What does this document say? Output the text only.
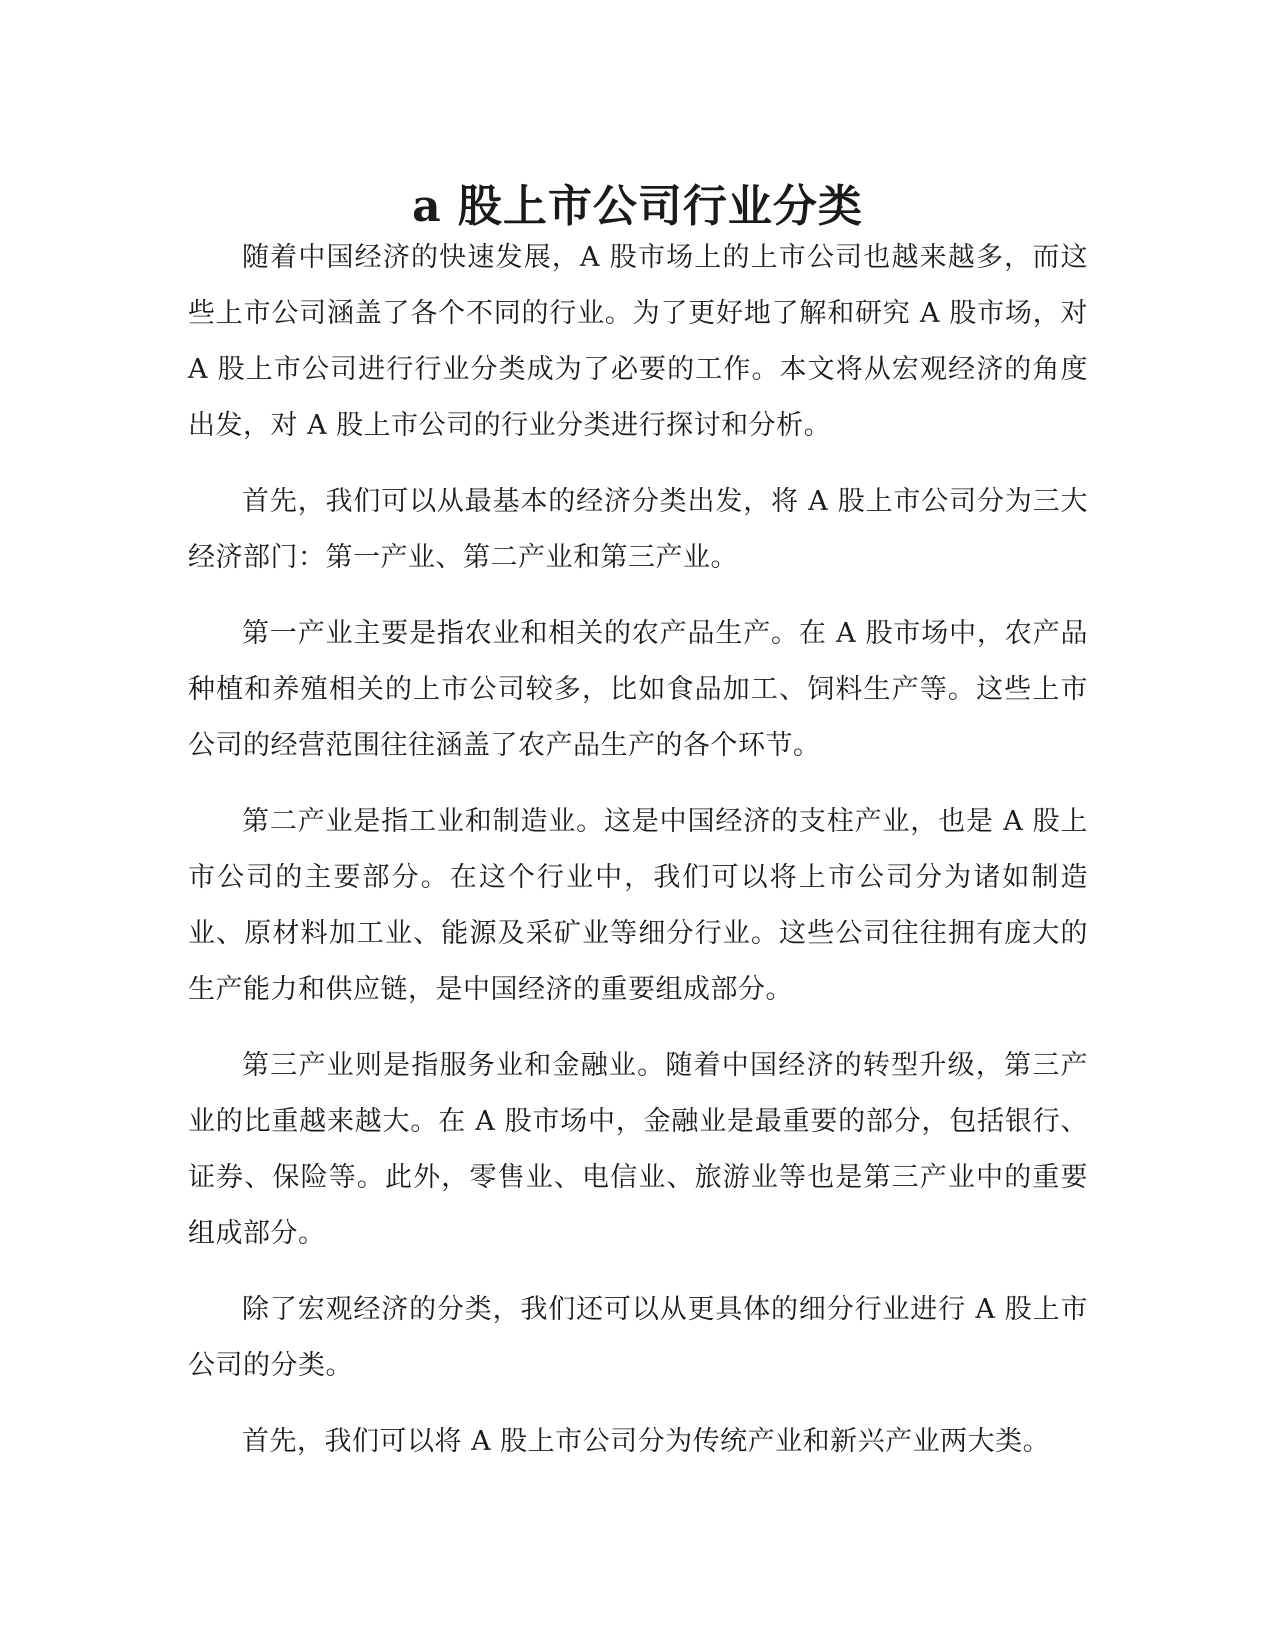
a 股上市公司行业分类

随着中国经济的快速发展，A 股市场上的上市公司也越来越多，而这些上市公司涵盖了各个不同的行业。为了更好地了解和研究 A 股市场，对 A 股上市公司进行行业分类成为了必要的工作。本文将从宏观经济的角度出发，对 A 股上市公司的行业分类进行探讨和分析。

首先，我们可以从最基本的经济分类出发，将 A 股上市公司分为三大经济部门：第一产业、第二产业和第三产业。

第一产业主要是指农业和相关的农产品生产。在 A 股市场中，农产品种植和养殖相关的上市公司较多，比如食品加工、饲料生产等。这些上市公司的经营范围往往涵盖了农产品生产的各个环节。

第二产业是指工业和制造业。这是中国经济的支柱产业，也是 A 股上市公司的主要部分。在这个行业中，我们可以将上市公司分为诸如制造业、原材料加工业、能源及采矿业等细分行业。这些公司往往拥有庞大的生产能力和供应链，是中国经济的重要组成部分。

第三产业则是指服务业和金融业。随着中国经济的转型升级，第三产业的比重越来越大。在 A 股市场中，金融业是最重要的部分，包括银行、证券、保险等。此外，零售业、电信业、旅游业等也是第三产业中的重要组成部分。

除了宏观经济的分类，我们还可以从更具体的细分行业进行 A 股上市公司的分类。

首先，我们可以将 A 股上市公司分为传统产业和新兴产业两大类。
